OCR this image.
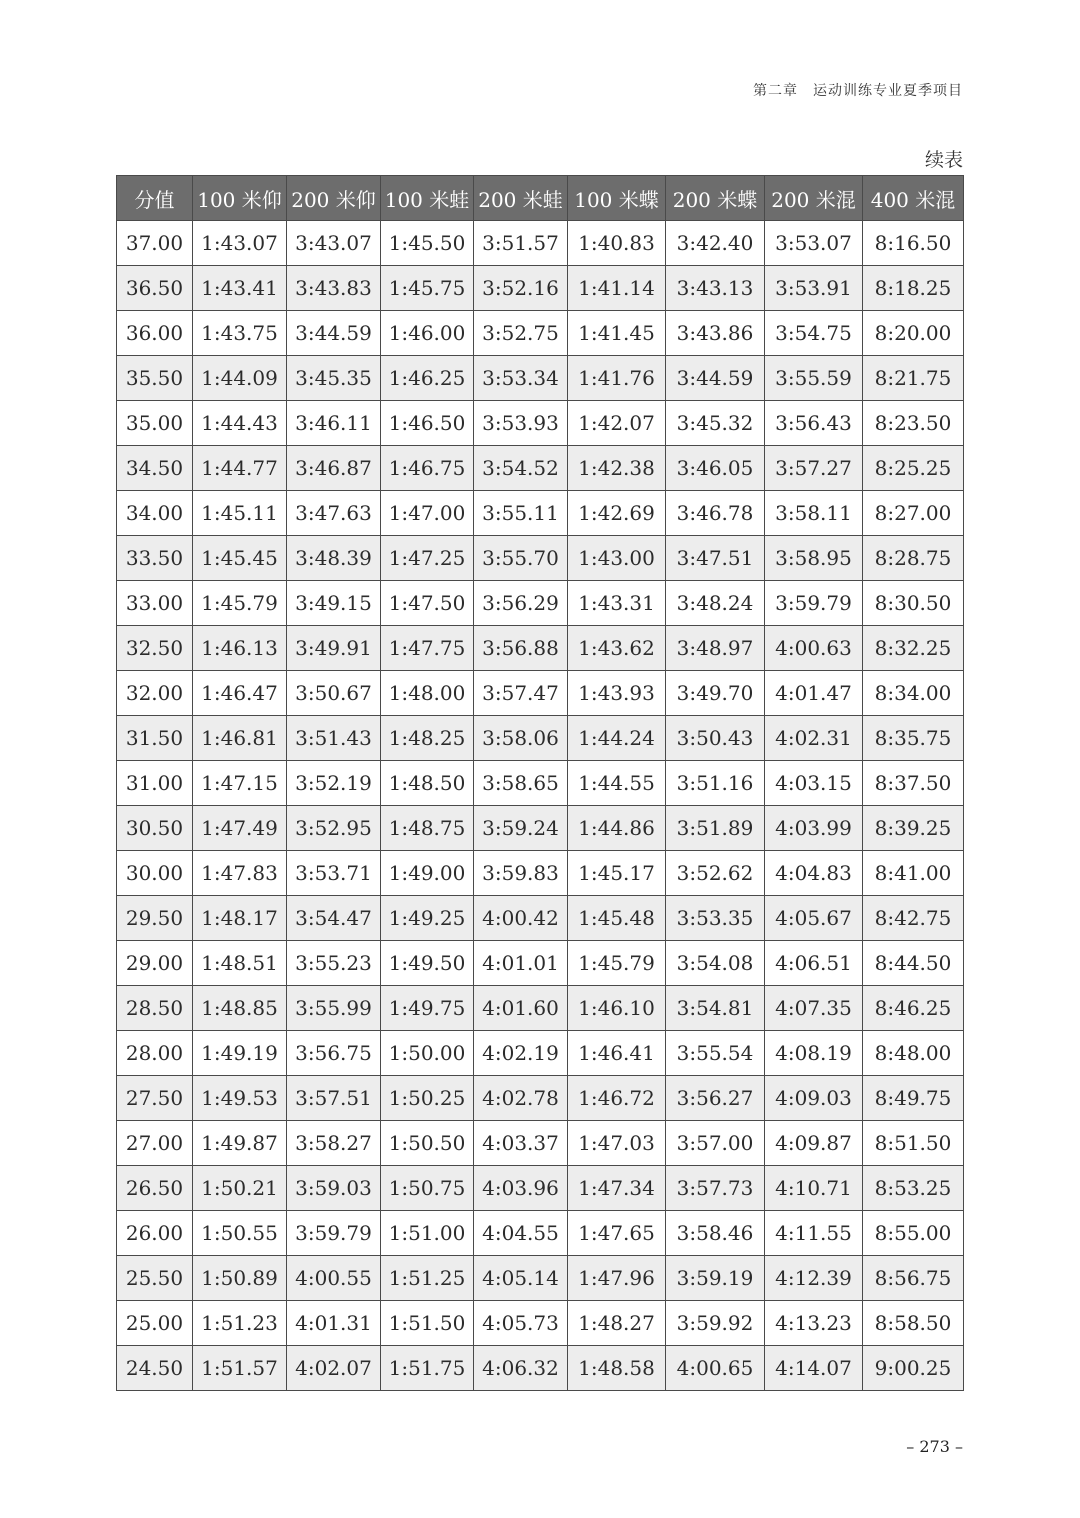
第二章　运动训练专业夏季项目
续表
分值	100 米仰	200 米仰	100 米蛙	200 米蛙	100 米蝶	200 米蝶	200 米混	400 米混
37.00	1:43.07	3:43.07	1:45.50	3:51.57	1:40.83	3:42.40	3:53.07	8:16.50
36.50	1:43.41	3:43.83	1:45.75	3:52.16	1:41.14	3:43.13	3:53.91	8:18.25
36.00	1:43.75	3:44.59	1:46.00	3:52.75	1:41.45	3:43.86	3:54.75	8:20.00
35.50	1:44.09	3:45.35	1:46.25	3:53.34	1:41.76	3:44.59	3:55.59	8:21.75
35.00	1:44.43	3:46.11	1:46.50	3:53.93	1:42.07	3:45.32	3:56.43	8:23.50
34.50	1:44.77	3:46.87	1:46.75	3:54.52	1:42.38	3:46.05	3:57.27	8:25.25
34.00	1:45.11	3:47.63	1:47.00	3:55.11	1:42.69	3:46.78	3:58.11	8:27.00
33.50	1:45.45	3:48.39	1:47.25	3:55.70	1:43.00	3:47.51	3:58.95	8:28.75
33.00	1:45.79	3:49.15	1:47.50	3:56.29	1:43.31	3:48.24	3:59.79	8:30.50
32.50	1:46.13	3:49.91	1:47.75	3:56.88	1:43.62	3:48.97	4:00.63	8:32.25
32.00	1:46.47	3:50.67	1:48.00	3:57.47	1:43.93	3:49.70	4:01.47	8:34.00
31.50	1:46.81	3:51.43	1:48.25	3:58.06	1:44.24	3:50.43	4:02.31	8:35.75
31.00	1:47.15	3:52.19	1:48.50	3:58.65	1:44.55	3:51.16	4:03.15	8:37.50
30.50	1:47.49	3:52.95	1:48.75	3:59.24	1:44.86	3:51.89	4:03.99	8:39.25
30.00	1:47.83	3:53.71	1:49.00	3:59.83	1:45.17	3:52.62	4:04.83	8:41.00
29.50	1:48.17	3:54.47	1:49.25	4:00.42	1:45.48	3:53.35	4:05.67	8:42.75
29.00	1:48.51	3:55.23	1:49.50	4:01.01	1:45.79	3:54.08	4:06.51	8:44.50
28.50	1:48.85	3:55.99	1:49.75	4:01.60	1:46.10	3:54.81	4:07.35	8:46.25
28.00	1:49.19	3:56.75	1:50.00	4:02.19	1:46.41	3:55.54	4:08.19	8:48.00
27.50	1:49.53	3:57.51	1:50.25	4:02.78	1:46.72	3:56.27	4:09.03	8:49.75
27.00	1:49.87	3:58.27	1:50.50	4:03.37	1:47.03	3:57.00	4:09.87	8:51.50
26.50	1:50.21	3:59.03	1:50.75	4:03.96	1:47.34	3:57.73	4:10.71	8:53.25
26.00	1:50.55	3:59.79	1:51.00	4:04.55	1:47.65	3:58.46	4:11.55	8:55.00
25.50	1:50.89	4:00.55	1:51.25	4:05.14	1:47.96	3:59.19	4:12.39	8:56.75
25.00	1:51.23	4:01.31	1:51.50	4:05.73	1:48.27	3:59.92	4:13.23	8:58.50
24.50	1:51.57	4:02.07	1:51.75	4:06.32	1:48.58	4:00.65	4:14.07	9:00.25
– 273 –
